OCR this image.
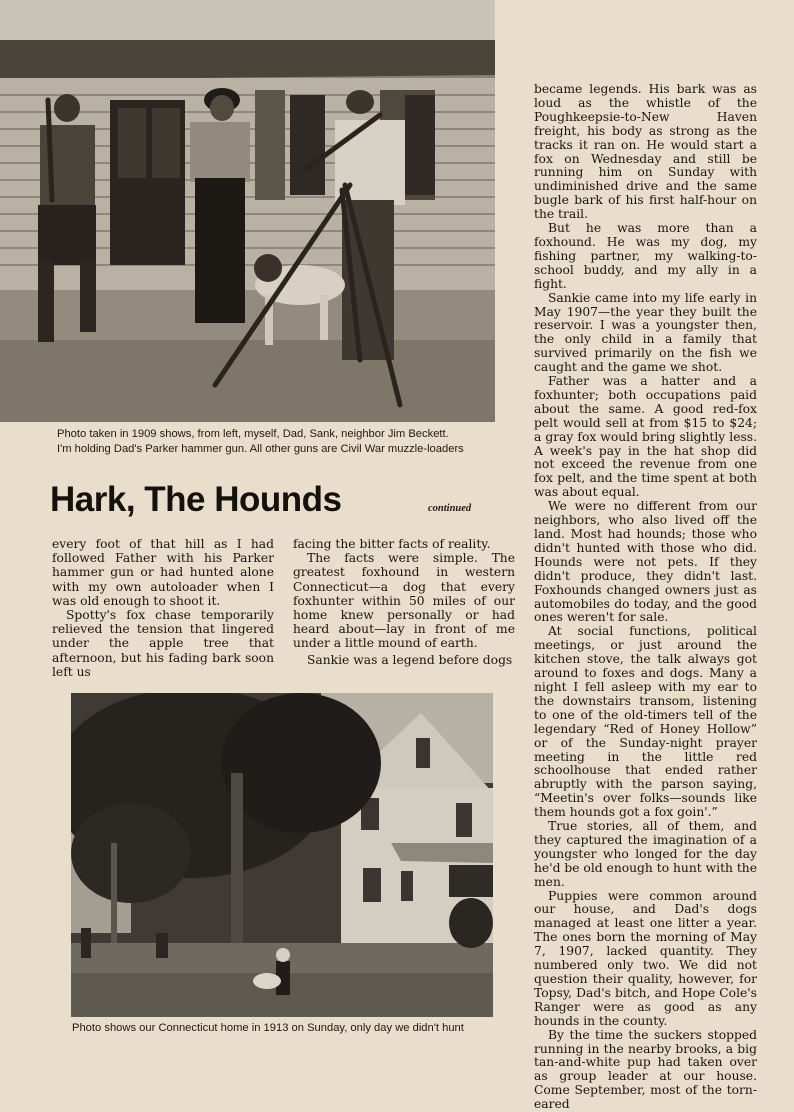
Photo taken in 1909 shows, from left, myself, Dad, Sank, neighbor Jim Beckett.
I'm holding Dad's Parker hammer gun. All other guns are Civil War muzzle-loaders
Hark, The Hounds	continued

every foot of that hill as I had followed Father with his Parker hammer gun or had hunted alone with my own autoloader when I was old enough to shoot it.

Spotty's fox chase temporarily relieved the tension that lingered under the apple tree that afternoon, but his fading bark soon left us

facing the bitter facts of reality.

The facts were simple. The greatest foxhound in western Connecticut—a dog that every foxhunter within 50 miles of our home knew personally or had heard about—lay in front of me under a little mound of earth.

Sankie was a legend before dogs

became legends. His bark was as loud as the whistle of the Poughkeepsie-to-New Haven freight, his body as strong as the tracks it ran on. He would start a fox on Wednesday and still be running him on Sunday with undiminished drive and the same bugle bark of his first half-hour on the trail.

But he was more than a foxhound. He was my dog, my fishing partner, my walking-to-school buddy, and my ally in a fight.

Sankie came into my life early in May 1907—the year they built the reservoir. I was a youngster then, the only child in a family that survived primarily on the fish we caught and the game we shot.

Father was a hatter and a foxhunter; both occupations paid about the same. A good red-fox pelt would sell at from $15 to $24; a gray fox would bring slightly less. A week's pay in the hat shop did not exceed the revenue from one fox pelt, and the time spent at both was about equal.

We were no different from our neighbors, who also lived off the land. Most had hounds; those who didn't hunted with those who did. Hounds were not pets. If they didn't produce, they didn't last. Foxhounds changed owners just as automobiles do today, and the good ones weren't for sale.

At social functions, political meetings, or just around the kitchen stove, the talk always got around to foxes and dogs. Many a night I fell asleep with my ear to the downstairs transom, listening to one of the old-timers tell of the legendary “Red of Honey Hollow” or of the Sunday-night prayer meeting in the little red schoolhouse that ended rather abruptly with the parson saying, “Meetin's over folks—sounds like them hounds got a fox goin'.”

True stories, all of them, and they captured the imagination of a youngster who longed for the day he'd be old enough to hunt with the men.

Puppies were common around our house, and Dad's dogs managed at least one litter a year. The ones born the morning of May 7, 1907, lacked quantity. They numbered only two. We did not question their quality, however, for Topsy, Dad's bitch, and Hope Cole's Ranger were as good as any hounds in the county.

By the time the suckers stopped running in the nearby brooks, a big tan-and-white pup had taken over as group leader at our house. Come September, most of the torn-eared

Photo shows our Connecticut home in 1913 on Sunday, only day we didn't hunt
